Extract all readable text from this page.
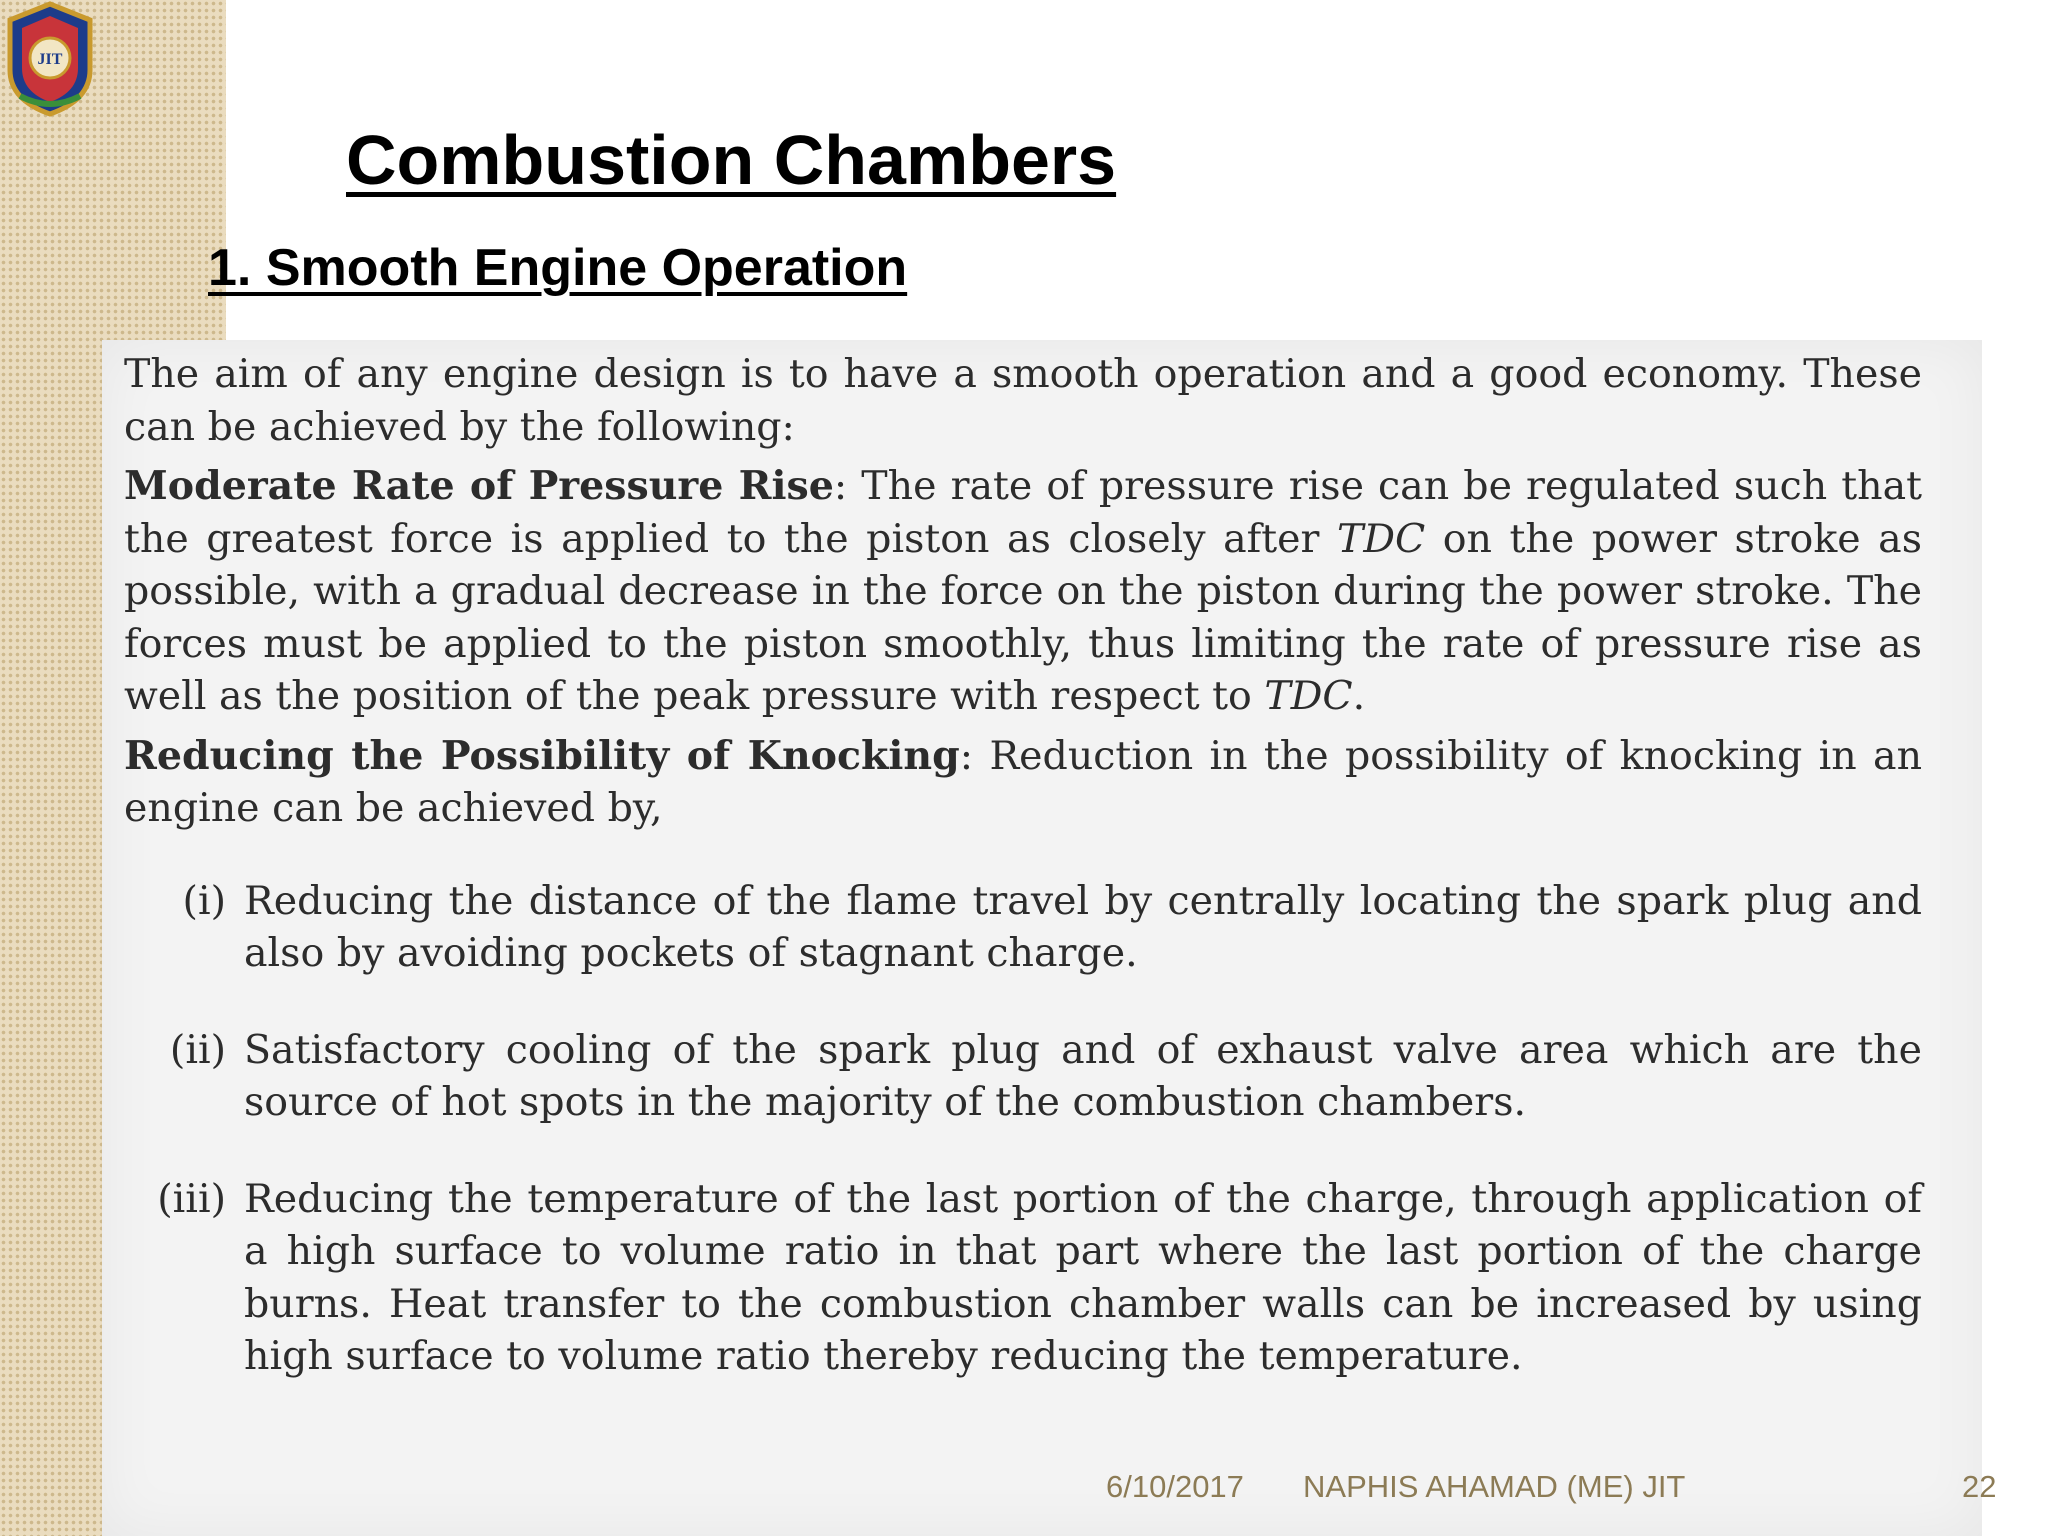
JIT
Combustion Chambers
1. Smooth Engine Operation

The aim of any engine design is to have a smooth operation and a good economy. These can be achieved by the following:

Moderate Rate of Pressure Rise: The rate of pressure rise can be regulated such that the greatest force is applied to the piston as closely after TDC on the power stroke as possible, with a gradual decrease in the force on the piston during the power stroke. The forces must be applied to the piston smoothly, thus limiting the rate of pressure rise as well as the position of the peak pressure with respect to TDC.

Reducing the Possibility of Knocking: Reduction in the possibility of knocking in an engine can be achieved by,

(i) Reducing the distance of the flame travel by centrally locating the spark plug and also by avoiding pockets of stagnant charge.
(ii) Satisfactory cooling of the spark plug and of exhaust valve area which are the source of hot spots in the majority of the combustion chambers.
(iii) Reducing the temperature of the last portion of the charge, through application of a high surface to volume ratio in that part where the last portion of the charge burns. Heat transfer to the combustion chamber walls can be increased by using high surface to volume ratio thereby reducing the temperature.
6/10/2017 NAPHIS AHAMAD (ME) JIT	22
